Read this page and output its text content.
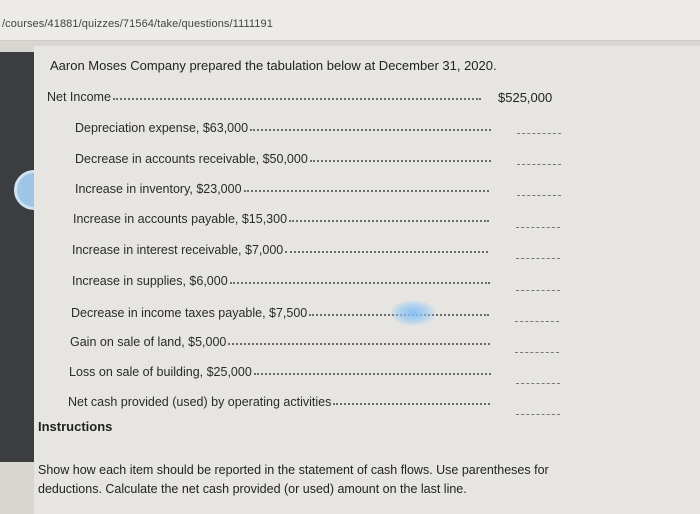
/courses/41881/quizzes/71564/take/questions/1111191
Aaron Moses Company prepared the tabulation below at December 31, 2020.
Net Income	$525,000
Depreciation expense, $63,000
Decrease in accounts receivable, $50,000
Increase in inventory, $23,000
Increase in accounts payable, $15,300
Increase in interest receivable, $7,000
Increase in supplies, $6,000
Decrease in income taxes payable, $7,500
Gain on sale of land, $5,000
Loss on sale of building, $25,000
Net cash provided (used) by operating activities
Instructions
Show how each item should be reported in the statement of cash flows. Use parentheses for deductions. Calculate the net cash provided (or used) amount on the last line.
